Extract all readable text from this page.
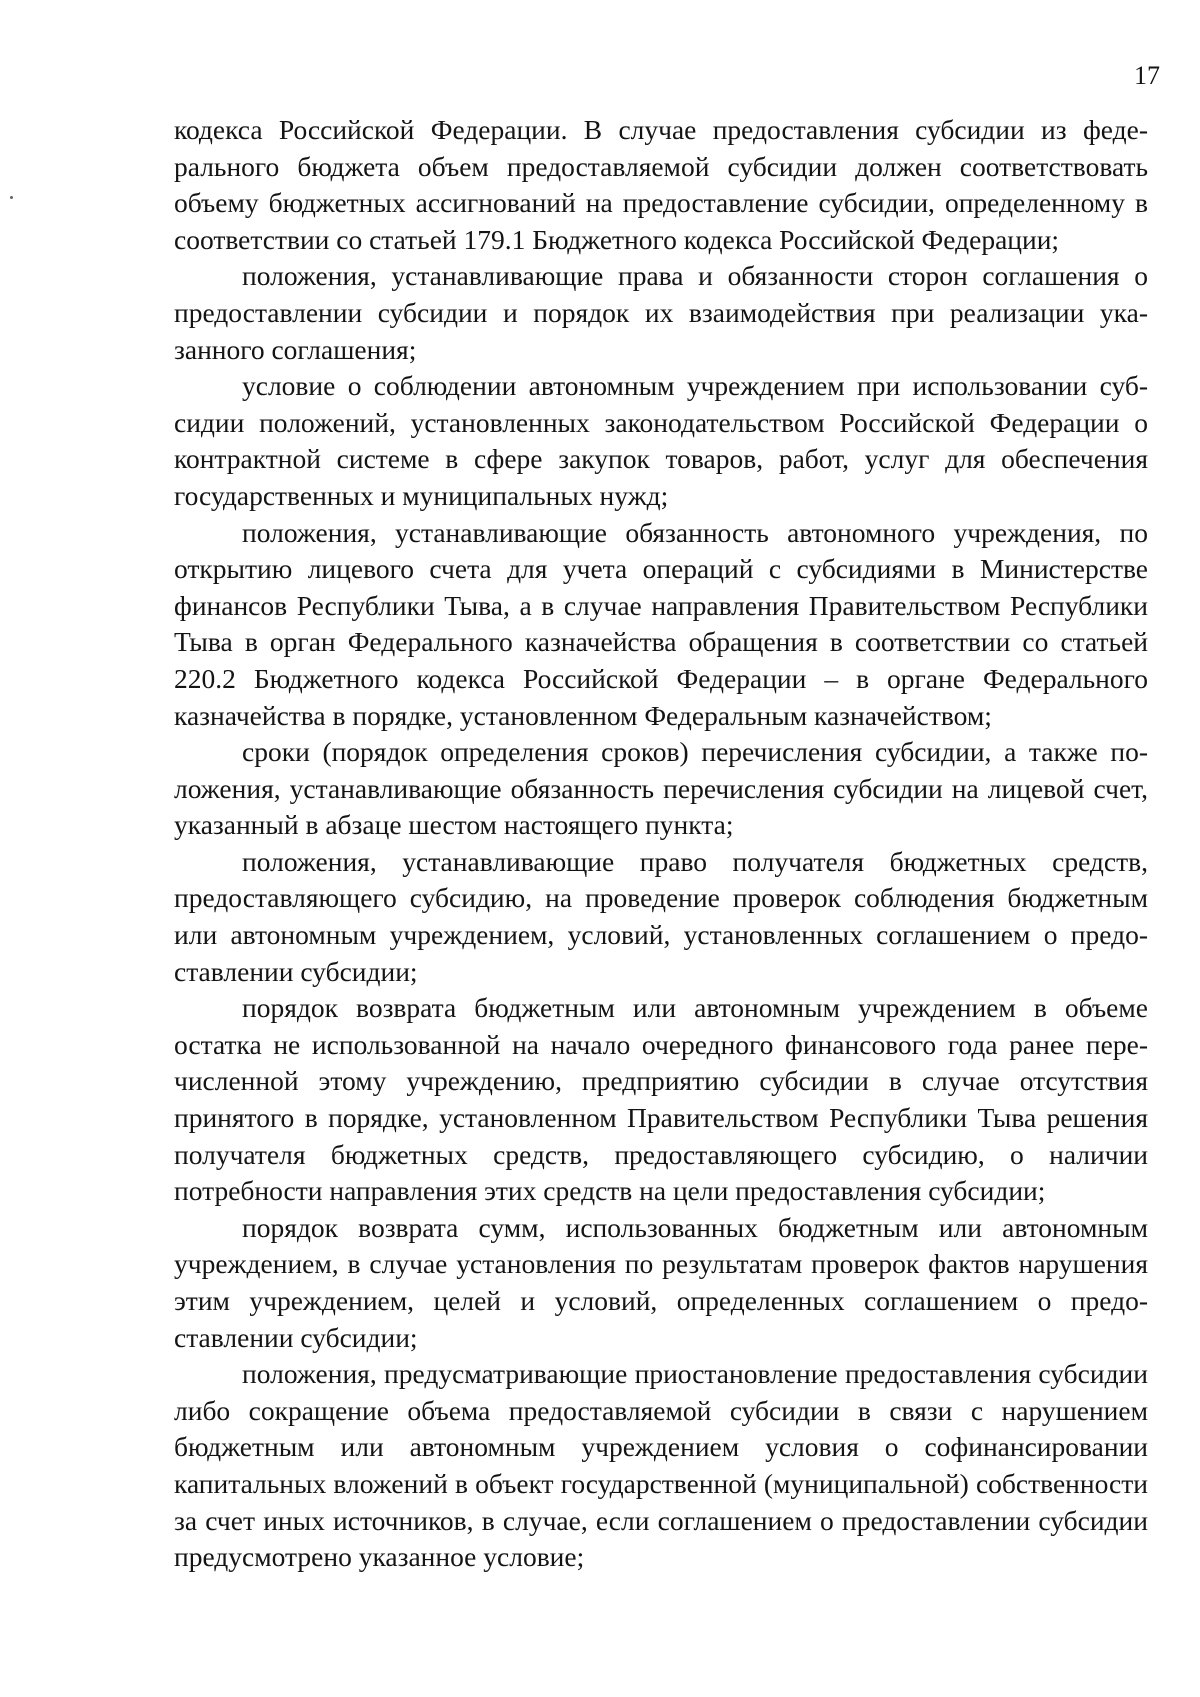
17

кодекса Российской Федерации. В случае предоставления субсидии из федерального бюджета объем предоставляемой субсидии должен соответствовать объему бюджетных ассигнований на предоставление субсидии, определенному в соответствии со статьей 179.1 Бюджетного кодекса Российской Федерации;

положения, устанавливающие права и обязанности сторон соглашения о предоставлении субсидии и порядок их взаимодействия при реализации указанного соглашения;

условие о соблюдении автономным учреждением при использовании субсидии положений, установленных законодательством Российской Федерации о контрактной системе в сфере закупок товаров, работ, услуг для обеспечения государственных и муниципальных нужд;

положения, устанавливающие обязанность автономного учреждения, по открытию лицевого счета для учета операций с субсидиями в Министерстве финансов Республики Тыва, а в случае направления Правительством Республики Тыва в орган Федерального казначейства обращения в соответствии со статьей 220.2 Бюджетного кодекса Российской Федерации – в органе Федерального казначейства в порядке, установленном Федеральным казначейством;

сроки (порядок определения сроков) перечисления субсидии, а также положения, устанавливающие обязанность перечисления субсидии на лицевой счет, указанный в абзаце шестом настоящего пункта;

положения, устанавливающие право получателя бюджетных средств, предоставляющего субсидию, на проведение проверок соблюдения бюджетным или автономным учреждением, условий, установленных соглашением о предоставлении субсидии;

порядок возврата бюджетным или автономным учреждением в объеме остатка не использованной на начало очередного финансового года ранее перечисленной этому учреждению, предприятию субсидии в случае отсутствия принятого в порядке, установленном Правительством Республики Тыва решения получателя бюджетных средств, предоставляющего субсидию, о наличии потребности направления этих средств на цели предоставления субсидии;

порядок возврата сумм, использованных бюджетным или автономным учреждением, в случае установления по результатам проверок фактов нарушения этим учреждением, целей и условий, определенных соглашением о предоставлении субсидии;

положения, предусматривающие приостановление предоставления субсидии либо сокращение объема предоставляемой субсидии в связи с нарушением бюджетным или автономным учреждением условия о софинансировании капитальных вложений в объект государственной (муниципальной) собственности за счет иных источников, в случае, если соглашением о предоставлении субсидии предусмотрено указанное условие;
